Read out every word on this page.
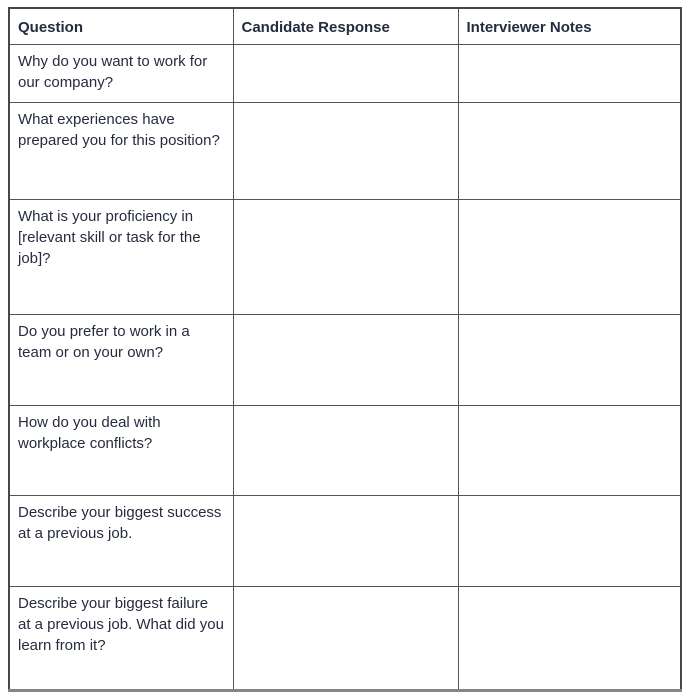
Question	Candidate Response	Interviewer Notes
Why do you want to work for our company?		
What experiences have prepared you for this position?		
What is your proficiency in [relevant skill or task for the job]?		
Do you prefer to work in a team or on your own?		
How do you deal with workplace conflicts?		
Describe your biggest success at a previous job.		
Describe your biggest failure at a previous job. What did you learn from it?		
